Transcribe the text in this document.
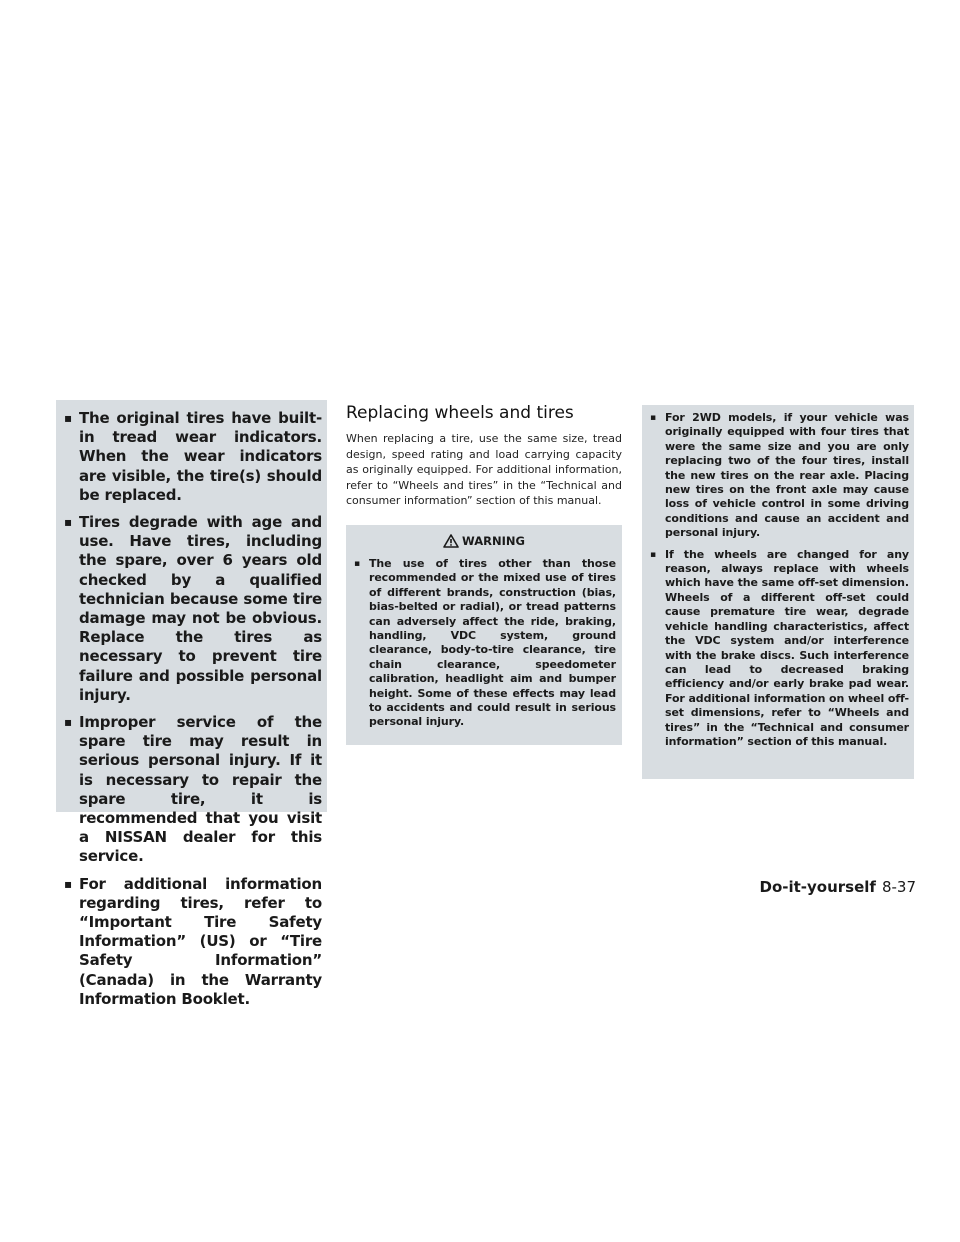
▪ The original tires have built-in tread wear indicators. When the wear indicators are visible, the tire(s) should be replaced.
▪ Tires degrade with age and use. Have tires, including the spare, over 6 years old checked by a qualified technician because some tire damage may not be obvious. Replace the tires as necessary to prevent tire failure and possible personal injury.
▪ Improper service of the spare tire may result in serious personal injury. If it is necessary to repair the spare tire, it is recommended that you visit a NISSAN dealer for this service.
▪ For additional information regarding tires, refer to “Important Tire Safety Information” (US) or “Tire Safety Information” (Canada) in the Warranty Information Booklet.
Replacing wheels and tires

When replacing a tire, use the same size, tread design, speed rating and load carrying capacity as originally equipped. For additional information, refer to “Wheels and tires” in the “Technical and consumer information” section of this manual.

WARNING
▪ The use of tires other than those recommended or the mixed use of tires of different brands, construction (bias, bias-belted or radial), or tread patterns can adversely affect the ride, braking, handling, VDC system, ground clearance, body-to-tire clearance, tire chain clearance, speedometer calibration, headlight aim and bumper height. Some of these effects may lead to accidents and could result in serious personal injury.
▪ For 2WD models, if your vehicle was originally equipped with four tires that were the same size and you are only replacing two of the four tires, install the new tires on the rear axle. Placing new tires on the front axle may cause loss of vehicle control in some driving conditions and cause an accident and personal injury.
▪ If the wheels are changed for any reason, always replace with wheels which have the same off-set dimension. Wheels of a different off-set could cause premature tire wear, degrade vehicle handling characteristics, affect the VDC system and/or interference with the brake discs. Such interference can lead to decreased braking efficiency and/or early brake pad wear. For additional information on wheel off-set dimensions, refer to “Wheels and tires” in the “Technical and consumer information” section of this manual.
Do-it-yourself 8-37
